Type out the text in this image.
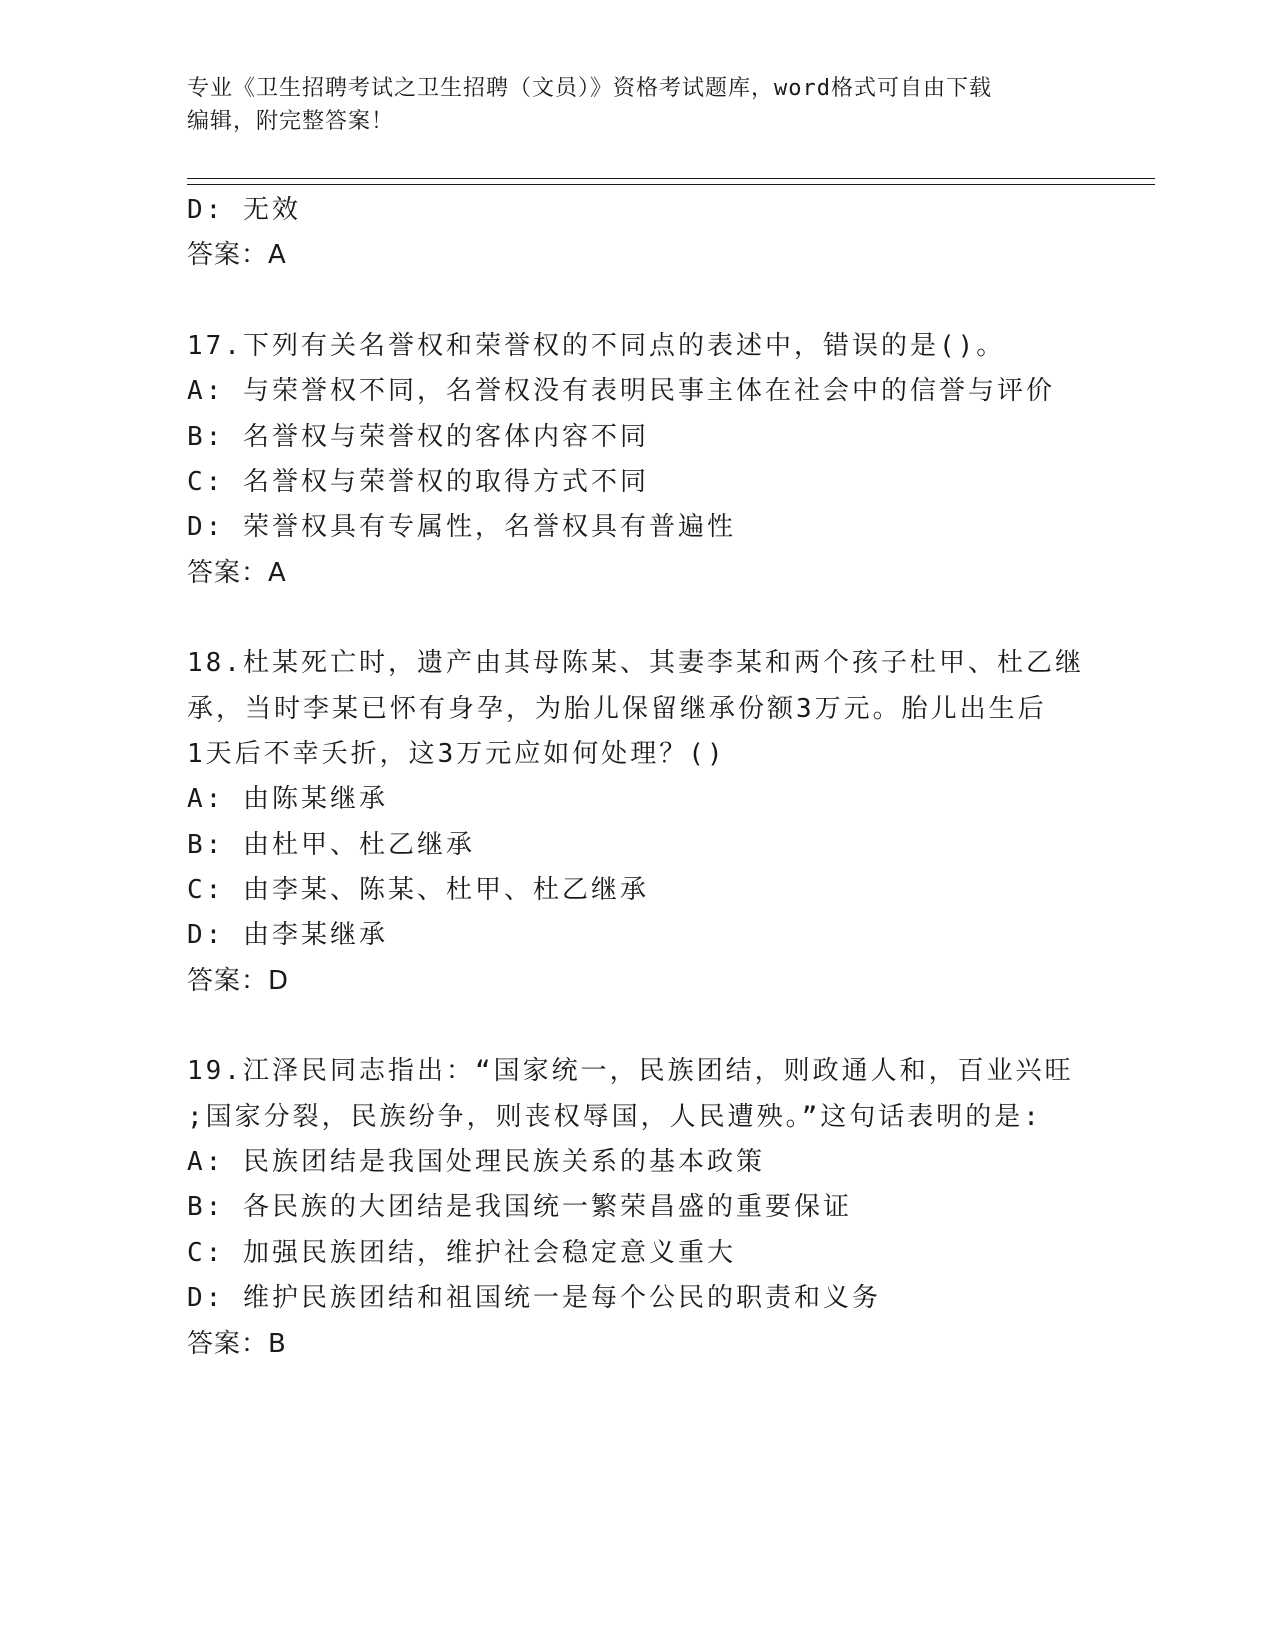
专业《卫生招聘考试之卫生招聘（文员）》资格考试题库，word格式可自由下载
编辑，附完整答案！
D: 无效
答案：A
17.下列有关名誉权和荣誉权的不同点的表述中，错误的是()。
A: 与荣誉权不同，名誉权没有表明民事主体在社会中的信誉与评价
B: 名誉权与荣誉权的客体内容不同
C: 名誉权与荣誉权的取得方式不同
D: 荣誉权具有专属性，名誉权具有普遍性
答案：A
18.杜某死亡时，遗产由其母陈某、其妻李某和两个孩子杜甲、杜乙继
承，当时李某已怀有身孕，为胎儿保留继承份额3万元。胎儿出生后
1天后不幸夭折，这3万元应如何处理？()
A: 由陈某继承
B: 由杜甲、杜乙继承
C: 由李某、陈某、杜甲、杜乙继承
D: 由李某继承
答案：D
19.江泽民同志指出：“国家统一，民族团结，则政通人和，百业兴旺
;国家分裂，民族纷争，则丧权辱国，人民遭殃。”这句话表明的是:
A: 民族团结是我国处理民族关系的基本政策
B: 各民族的大团结是我国统一繁荣昌盛的重要保证
C: 加强民族团结，维护社会稳定意义重大
D: 维护民族团结和祖国统一是每个公民的职责和义务
答案：B
